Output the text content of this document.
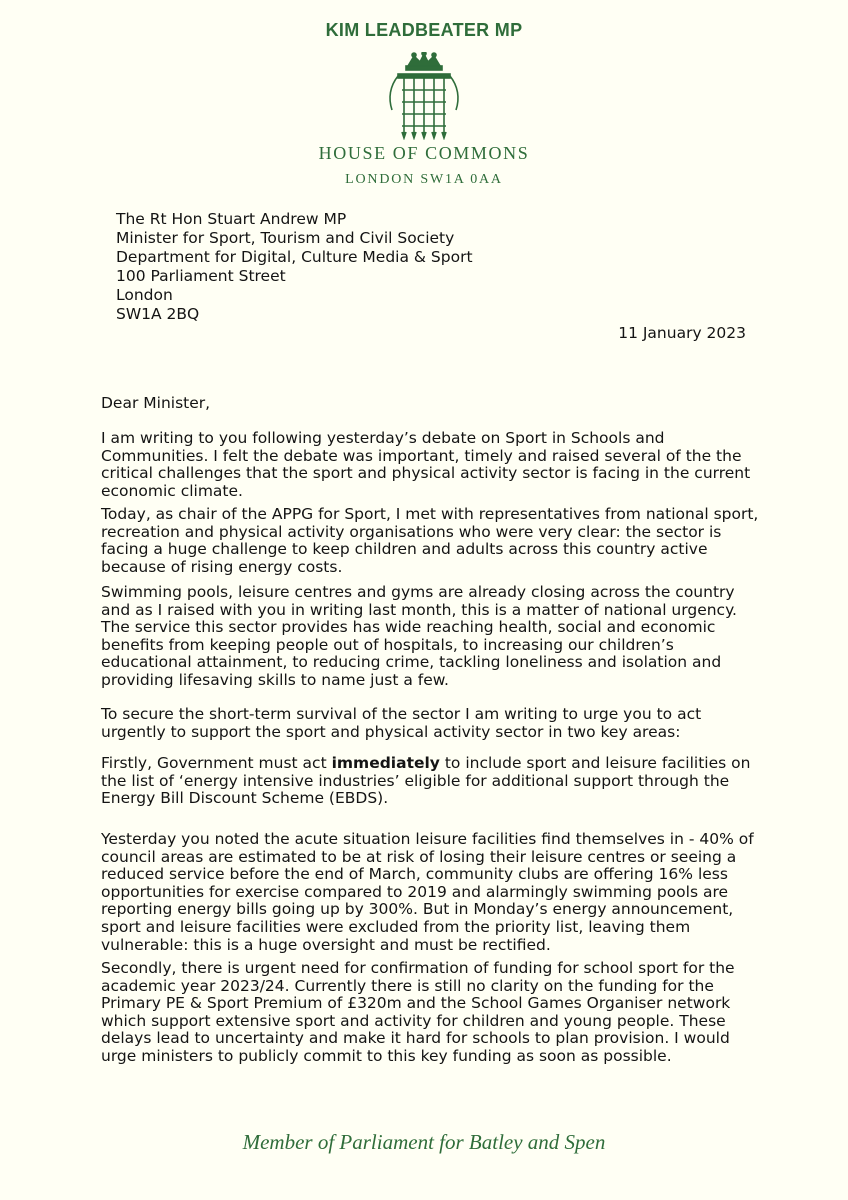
KIM LEADBEATER MP
HOUSE OF COMMONS
LONDON SW1A 0AA
The Rt Hon Stuart Andrew MP
Minister for Sport, Tourism and Civil Society
Department for Digital, Culture Media & Sport
100 Parliament Street
London
SW1A 2BQ
11 January 2023
Dear Minister,

I am writing to you following yesterday’s debate on Sport in Schools and Communities. I felt the debate was important, timely and raised several of the the critical challenges that the sport and physical activity sector is facing in the current economic climate.

Today, as chair of the APPG for Sport, I met with representatives from national sport, recreation and physical activity organisations who were very clear: the sector is facing a huge challenge to keep children and adults across this country active because of rising energy costs.

Swimming pools, leisure centres and gyms are already closing across the country and as I raised with you in writing last month, this is a matter of national urgency. The service this sector provides has wide reaching health, social and economic benefits from keeping people out of hospitals, to increasing our children’s educational attainment, to reducing crime, tackling loneliness and isolation and providing lifesaving skills to name just a few.

To secure the short-term survival of the sector I am writing to urge you to act urgently to support the sport and physical activity sector in two key areas:

Firstly, Government must act immediately to include sport and leisure facilities on the list of ‘energy intensive industries’ eligible for additional support through the Energy Bill Discount Scheme (EBDS).

Yesterday you noted the acute situation leisure facilities find themselves in - 40% of council areas are estimated to be at risk of losing their leisure centres or seeing a reduced service before the end of March, community clubs are offering 16% less opportunities for exercise compared to 2019 and alarmingly swimming pools are reporting energy bills going up by 300%. But in Monday’s energy announcement, sport and leisure facilities were excluded from the priority list, leaving them vulnerable: this is a huge oversight and must be rectified.

Secondly, there is urgent need for confirmation of funding for school sport for the academic year 2023/24. Currently there is still no clarity on the funding for the Primary PE & Sport Premium of £320m and the School Games Organiser network which support extensive sport and activity for children and young people. These delays lead to uncertainty and make it hard for schools to plan provision. I would urge ministers to publicly commit to this key funding as soon as possible.

Member of Parliament for Batley and Spen
